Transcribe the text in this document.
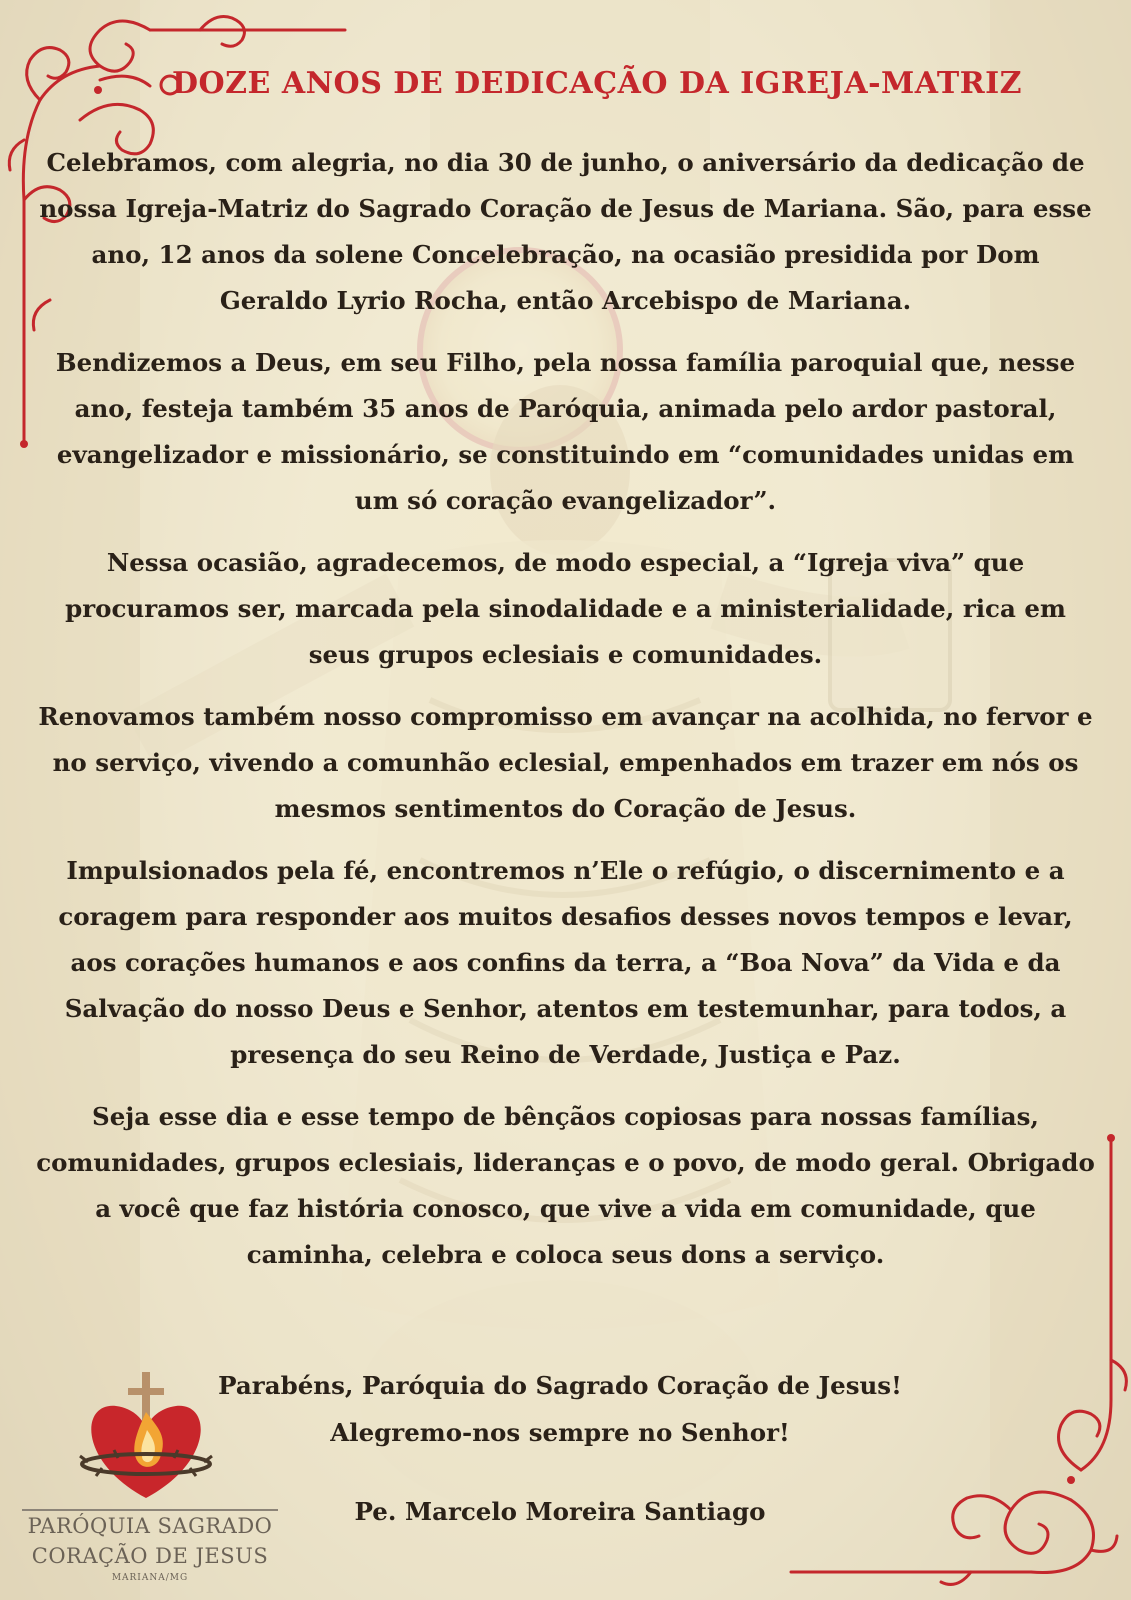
DOZE ANOS DE DEDICAÇÃO DA IGREJA-MATRIZ

Celebramos, com alegria, no dia 30 de junho, o aniversário da dedicação de nossa Igreja-Matriz do Sagrado Coração de Jesus de Mariana. São, para esse ano, 12 anos da solene Concelebração, na ocasião presidida por Dom Geraldo Lyrio Rocha, então Arcebispo de Mariana.

Bendizemos a Deus, em seu Filho, pela nossa família paroquial que, nesse ano, festeja também 35 anos de Paróquia, animada pelo ardor pastoral, evangelizador e missionário, se constituindo em “comunidades unidas em um só coração evangelizador”.

Nessa ocasião, agradecemos, de modo especial, a “Igreja viva” que procuramos ser, marcada pela sinodalidade e a ministerialidade, rica em seus grupos eclesiais e comunidades.

Renovamos também nosso compromisso em avançar na acolhida, no fervor e no serviço, vivendo a comunhão eclesial, empenhados em trazer em nós os mesmos sentimentos do Coração de Jesus.

Impulsionados pela fé, encontremos n’Ele o refúgio, o discernimento e a coragem para responder aos muitos desafios desses novos tempos e levar, aos corações humanos e aos confins da terra, a “Boa Nova” da Vida e da Salvação do nosso Deus e Senhor, atentos em testemunhar, para todos, a presença do seu Reino de Verdade, Justiça e Paz.

Seja esse dia e esse tempo de bênçãos copiosas para nossas famílias, comunidades, grupos eclesiais, lideranças e o povo, de modo geral. Obrigado a você que faz história conosco, que vive a vida em comunidade, que caminha, celebra e coloca seus dons a serviço.

Parabéns, Paróquia do Sagrado Coração de Jesus!
Alegremo-nos sempre no Senhor!
Pe. Marcelo Moreira Santiago
PARÓQUIA SAGRADO
CORAÇÃO DE JESUS
MARIANA/MG
